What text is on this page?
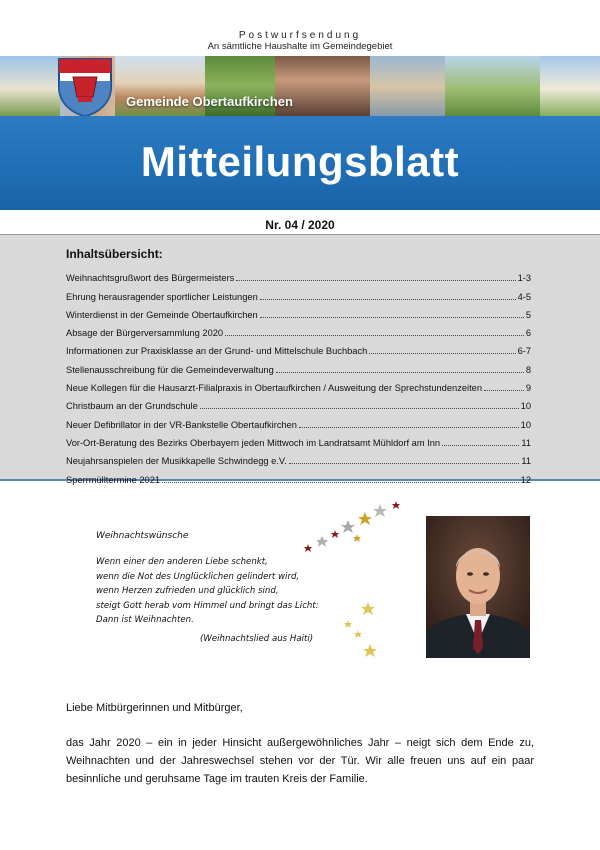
Postwurfsendung
An sämtliche Haushalte im Gemeindegebiet
Gemeinde Obertaufkirchen
Mitteilungsblatt
Nr. 04 / 2020
Inhaltsübersicht:
Weihnachtsgrußwort des Bürgermeisters	1-3
Ehrung herausragender sportlicher Leistungen	4-5
Winterdienst in der Gemeinde Obertaufkirchen	5
Absage der Bürgerversammlung 2020	6
Informationen zur Praxisklasse an der Grund- und Mittelschule Buchbach	6-7
Stellenausschreibung für die Gemeindeverwaltung	8
Neue Kollegen für die Hausarzt-Filialpraxis in Obertaufkirchen / Ausweitung der Sprechstundenzeiten	9
Christbaum an der Grundschule	10
Neuer Defibrillator in der VR-Bankstelle Obertaufkirchen	10
Vor-Ort-Beratung des Bezirks Oberbayern jeden Mittwoch im Landratsamt Mühldorf am Inn	11
Neujahrsanspielen der Musikkapelle Schwindegg e.V.	11
Sperrmülltermine 2021	12
Weihnachtswünsche
Wenn einer den anderen Liebe schenkt,
wenn die Not des Unglücklichen gelindert wird,
wenn Herzen zufrieden und glücklich sind,
steigt Gott herab vom Himmel und bringt das Licht:
Dann ist Weihnachten.
(Weihnachtslied aus Haiti)
Liebe Mitbürgerinnen und Mitbürger,
das Jahr 2020 – ein in jeder Hinsicht außergewöhnliches Jahr – neigt sich dem Ende zu, Weihnachten und der Jahreswechsel stehen vor der Tür. Wir alle freuen uns auf ein paar besinnliche und geruhsame Tage im trauten Kreis der Familie.
